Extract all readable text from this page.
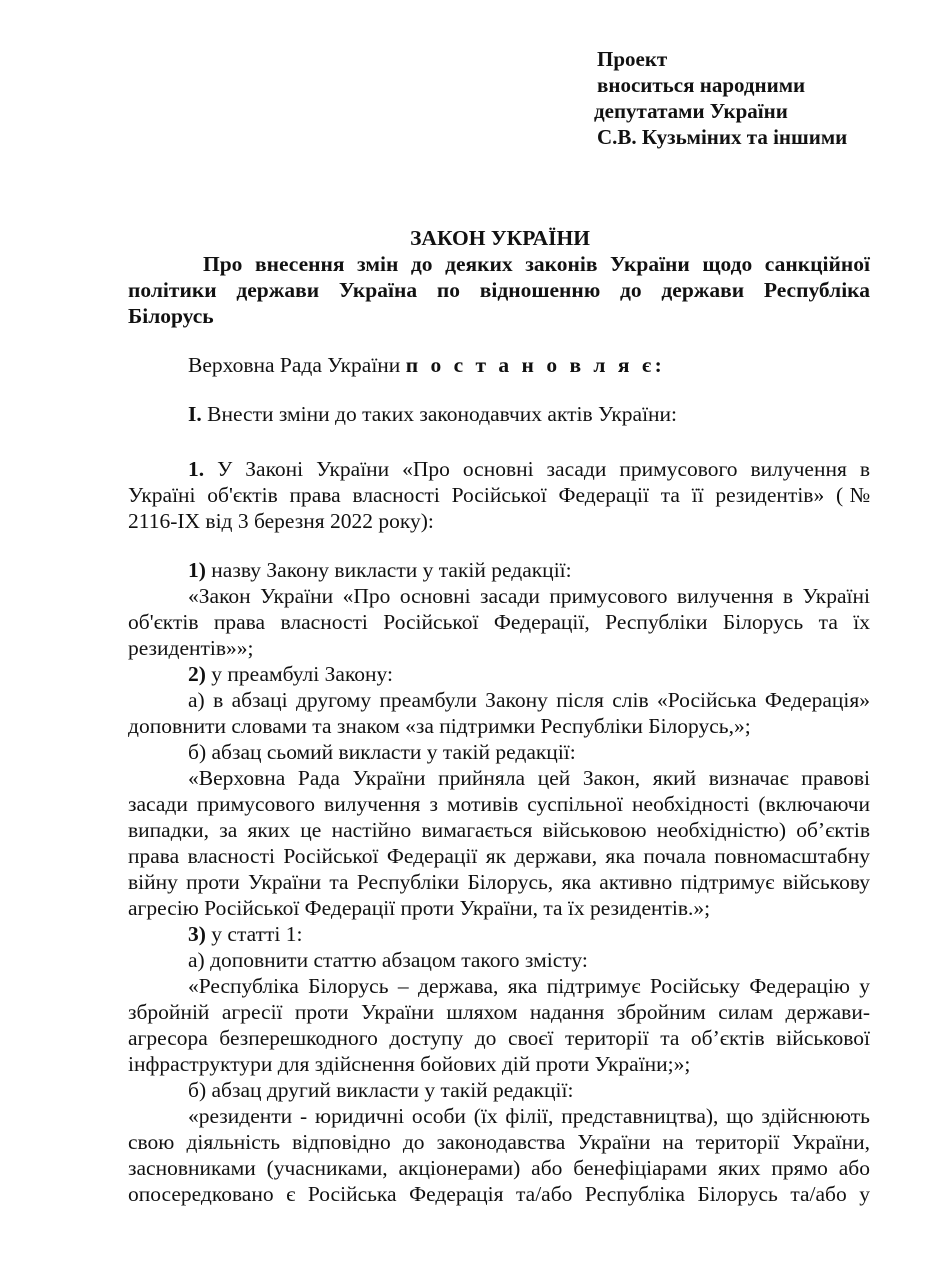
Проект
вноситься народними
депутатами України
С.В. Кузьміних та іншими
ЗАКОН УКРАЇНИ
Про внесення змін до деяких законів України щодо санкційної
політики держави Україна по відношенню до держави Республіка
Білорусь
Верховна Рада України п о с т а н о в л я є:
I. Внести зміни до таких законодавчих актів України:
1. У Законі України «Про основні засади примусового вилучення в
Україні об'єктів права власності Російської Федерації та її резидентів» (№
2116-IX від 3 березня 2022 року):
1) назву Закону викласти у такій редакції:
«Закон України «Про основні засади примусового вилучення в Україні
об'єктів права власності Російської Федерації, Республіки Білорусь та їх
резидентів»»;
2) у преамбулі Закону:
а) в абзаці другому преамбули Закону після слів «Російська Федерація»
доповнити словами та знаком «за підтримки Республіки Білорусь,»;
б) абзац сьомий викласти у такій редакції:
«Верховна Рада України прийняла цей Закон, який визначає правові
засади примусового вилучення з мотивів суспільної необхідності (включаючи
випадки, за яких це настійно вимагається військовою необхідністю) об’єктів
права власності Російської Федерації як держави, яка почала повномасштабну
війну проти України та Республіки Білорусь, яка активно підтримує військову
агресію Російської Федерації проти України, та їх резидентів.»;
3) у статті 1:
а) доповнити статтю абзацом такого змісту:
«Республіка Білорусь – держава, яка підтримує Російську Федерацію у
збройній агресії проти України шляхом надання збройним силам держави-
агресора безперешкодного доступу до своєї території та об’єктів військової
інфраструктури для здійснення бойових дій проти України;»;
б) абзац другий викласти у такій редакції:
«резиденти - юридичні особи (їх філії, представництва), що здійснюють
свою діяльність відповідно до законодавства України на території України,
засновниками (учасниками, акціонерами) або бенефіціарами яких прямо або
опосередковано є Російська Федерація та/або Республіка Білорусь та/або у
